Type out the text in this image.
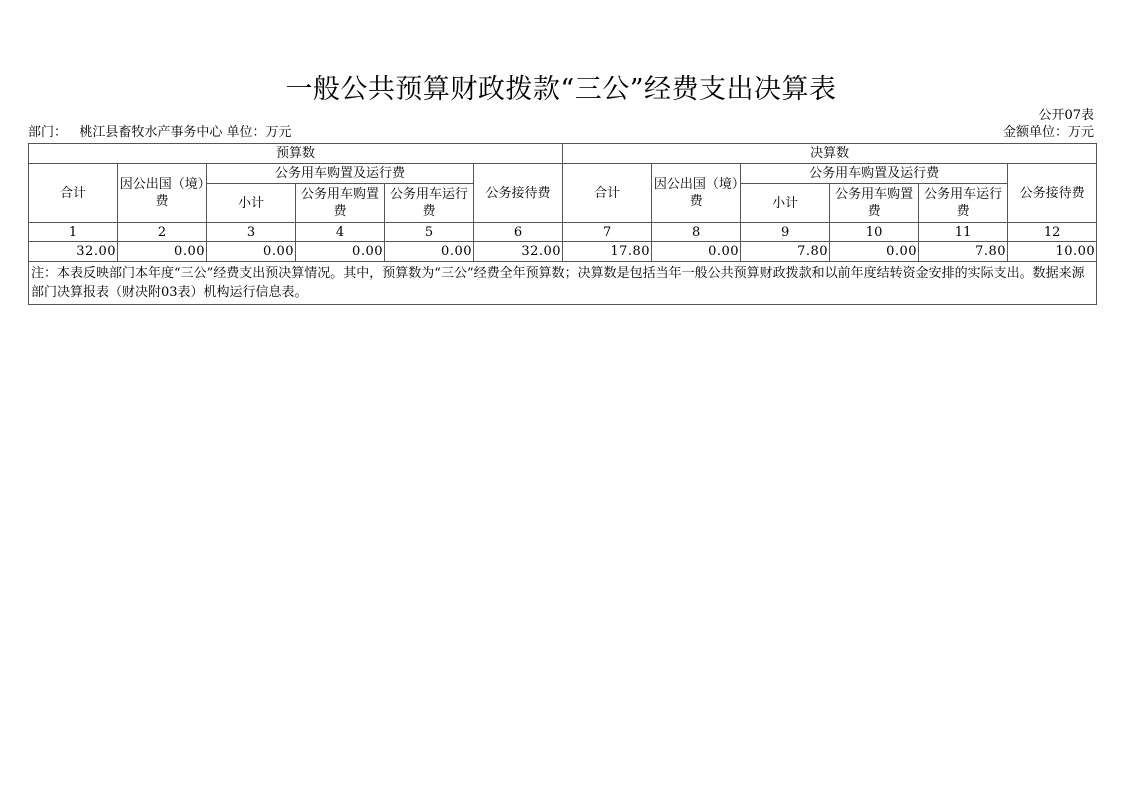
一般公共预算财政拨款“三公”经费支出决算表
公开07表
部门：   桃江县畜牧水产事务中心 单位：万元	金额单位：万元
预算数						决算数					
合计	因公出国（境）费	公务用车购置及运行费			公务接待费	合计	因公出国（境）费	公务用车购置及运行费			公务接待费
		小计	公务用车购置费	公务用车运行费				小计	公务用车购置费	公务用车运行费	
1	2	3	4	5	6	7	8	9	10	11	12
32.00	0.00	0.00	0.00	0.00	32.00	17.80	0.00	7.80	0.00	7.80	10.00
注：本表反映部门本年度“三公”经费支出预决算情况。其中，预算数为“三公”经费全年预算数；决算数是包括当年一般公共预算财政拨款和以前年度结转资金安排的实际支出。数据来源部门决算报表（财决附03表）机构运行信息表。											
